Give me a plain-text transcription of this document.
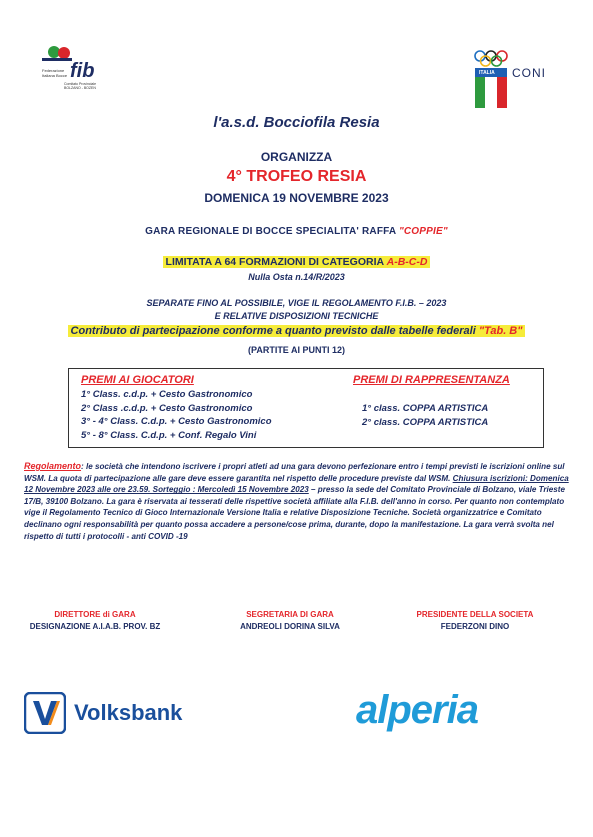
fib
Federazione
Italiana Bocce
Comitato Provinciale
BOLZANO - BOZEN
ITALIA CONI
l'a.s.d. Bocciofila Resia
ORGANIZZA
4° TROFEO RESIA
DOMENICA 19 NOVEMBRE 2023
GARA REGIONALE DI BOCCE SPECIALITA' RAFFA "COPPIE"
LIMITATA A 64 FORMAZIONI DI CATEGORIA A-B-C-D
Nulla Osta n.14/R/2023
SEPARATE FINO AL POSSIBILE, VIGE IL REGOLAMENTO F.I.B. – 2023
E RELATIVE DISPOSIZIONI TECNICHE
Contributo di partecipazione conforme a quanto previsto dalle tabelle federali "Tab. B"
(PARTITE AI PUNTI 12)
PREMI AI GIOCATORI
1° Class. c.d.p. + Cesto Gastronomico
2° Class .c.d.p. + Cesto Gastronomico
3° - 4° Class. C.d.p. + Cesto Gastronomico
5° - 8° Class. C.d.p. + Conf. Regalo Vini
PREMI DI RAPPRESENTANZA
1° class. COPPA ARTISTICA
2° class. COPPA ARTISTICA
Regolamento: le società che intendono iscrivere i propri atleti ad una gara devono perfezionare entro i tempi previsti le iscrizioni online sul WSM. La quota di partecipazione alle gare deve essere garantita nel rispetto delle procedure previste dal WSM. Chiusura iscrizioni: Domenica 12 Novembre 2023 alle ore 23.59. Sorteggio : Mercoledì 15 Novembre 2023 – presso la sede del Comitato Provinciale di Bolzano, viale Trieste 17/B, 39100 Bolzano. La gara è riservata ai tesserati delle rispettive società affiliate alla F.I.B. dell'anno in corso. Per quanto non contemplato vige il Regolamento Tecnico di Gioco Internazionale Versione Italia e relative Disposizione Tecniche. Società organizzatrice e Comitato declinano ogni responsabilità per quanto possa accadere a persone/cose prima, durante, dopo la manifestazione. La gara verrà svolta nel rispetto di tutti i protocolli - anti COVID -19
DIRETTORE di GARA
DESIGNAZIONE A.I.A.B. PROV. BZ
SEGRETARIA DI GARA
ANDREOLI DORINA SILVA
PRESIDENTE DELLA SOCIETA
FEDERZONI DINO
Volksbank	alperia
